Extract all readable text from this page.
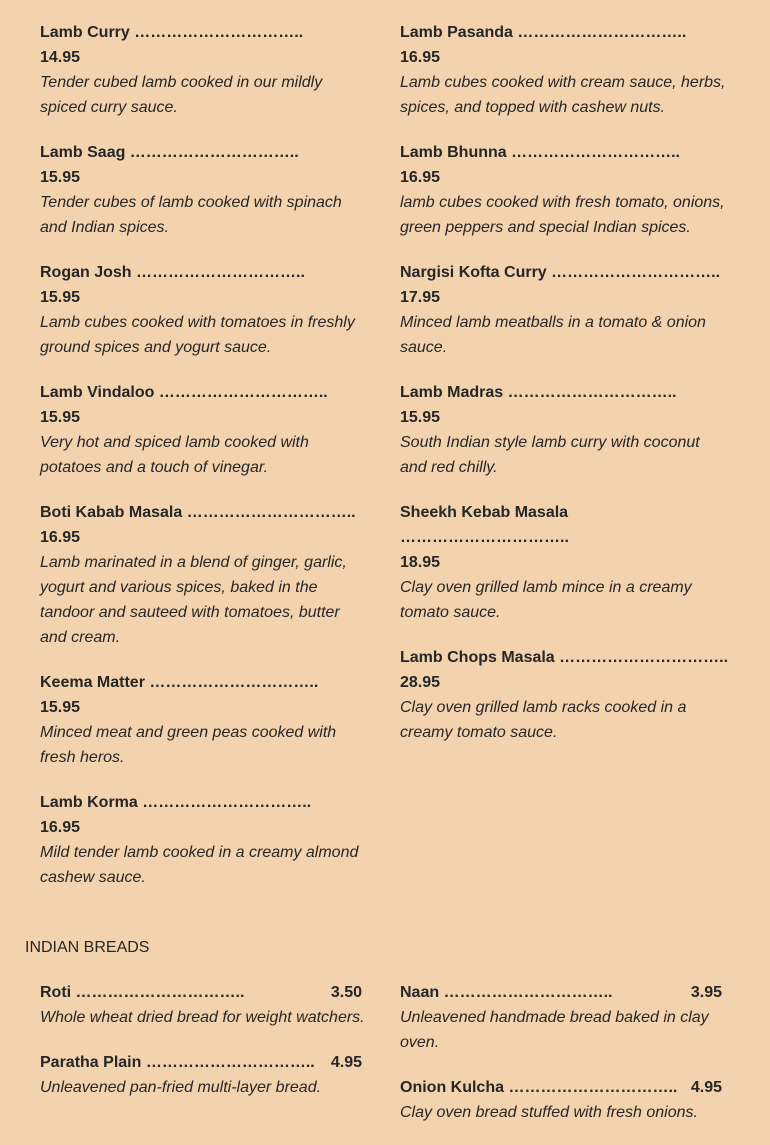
Lamb Curry …………………………..
14.95
Tender cubed lamb cooked in our mildly spiced curry sauce.
Lamb Saag …………………………..
15.95
Tender cubes of lamb cooked with spinach and Indian spices.
Rogan Josh …………………………..
15.95
Lamb cubes cooked with tomatoes in freshly ground spices and yogurt sauce.
Lamb Vindaloo …………………………..
15.95
Very hot and spiced lamb cooked with potatoes and a touch of vinegar.
Boti Kabab Masala …………………………..
16.95
Lamb marinated in a blend of ginger, garlic, yogurt and various spices, baked in the tandoor and sauteed with tomatoes, butter and cream.
Keema Matter …………………………..
15.95
Minced meat and green peas cooked with fresh heros.
Lamb Korma …………………………..
16.95
Mild tender lamb cooked in a creamy almond cashew sauce.
Lamb Pasanda …………………………..
16.95
Lamb cubes cooked with cream sauce, herbs, spices, and topped with cashew nuts.
Lamb Bhunna …………………………..
16.95
lamb cubes cooked with fresh tomato, onions, green peppers and special Indian spices.
Nargisi Kofta Curry …………………………..
17.95
Minced lamb meatballs in a tomato & onion sauce.
Lamb Madras …………………………..
15.95
South Indian style lamb curry with coconut and red chilly.
Sheekh Kebab Masala …………………………..
18.95
Clay oven grilled lamb mince in a creamy tomato sauce.
Lamb Chops Masala …………………………..
28.95
Clay oven grilled lamb racks cooked in a creamy tomato sauce.
INDIAN BREADS
Roti …………………………..	3.50
Whole wheat dried bread for weight watchers.
Paratha Plain ………………………….. 4.95
Unleavened pan-fried multi-layer bread.
Naan …………………………..	3.95
Unleavened handmade bread baked in clay oven.
Onion Kulcha ………………………….. 4.95
Clay oven bread stuffed with fresh onions.
